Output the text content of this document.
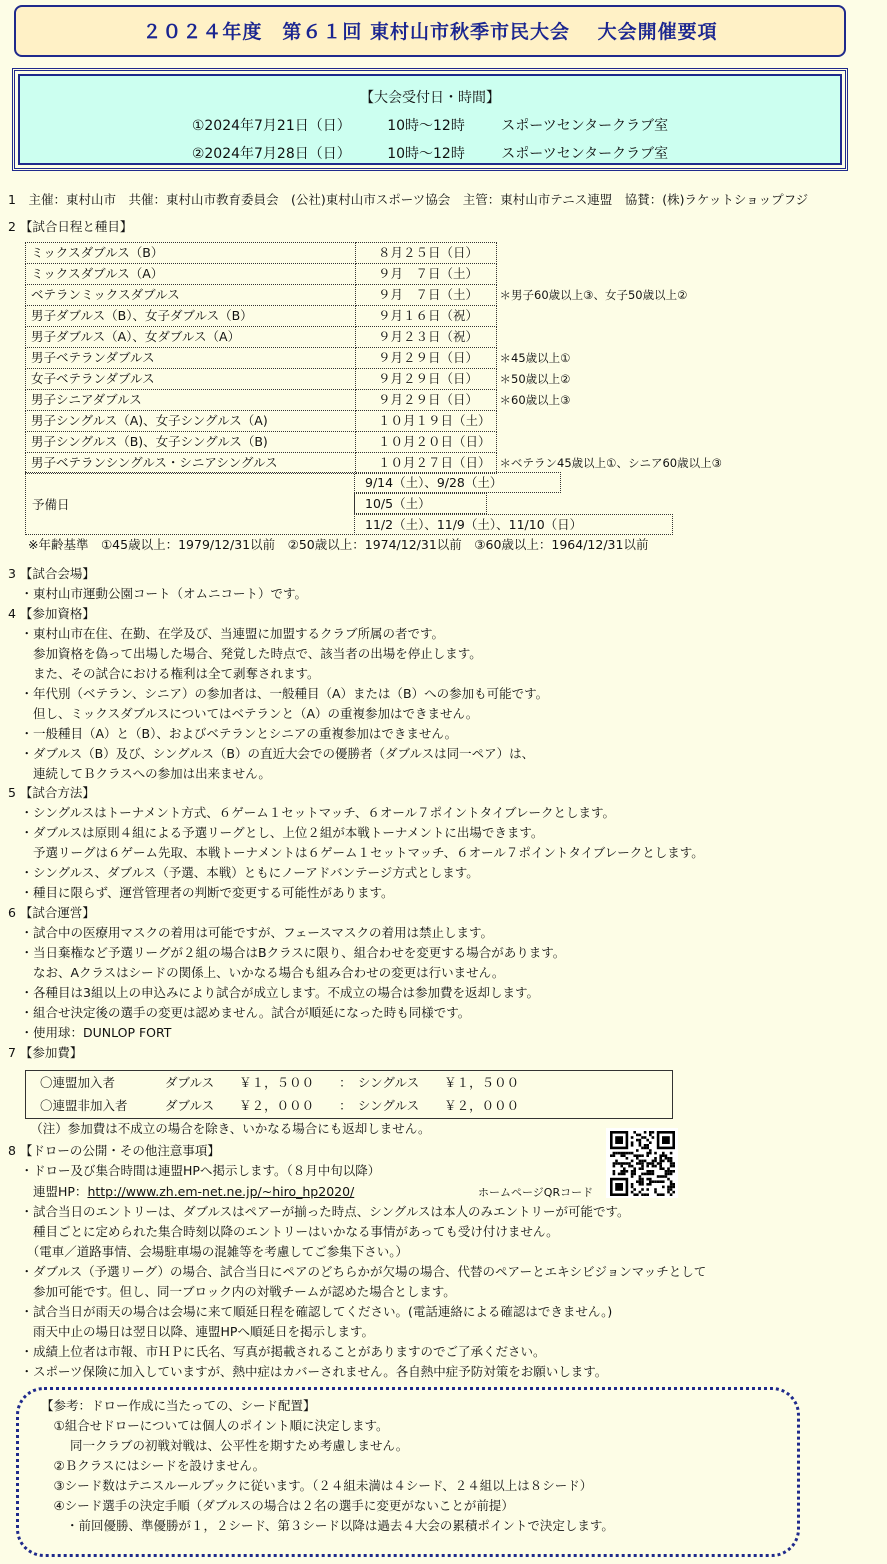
２０２４年度　第６１回 東村山市秋季市民大会　 大会開催要項
【大会受付日・時間】
①2024年7月21日（日）	10時～12時	スポーツセンタークラブ室
②2024年7月28日（日）	10時～12時	スポーツセンタークラブ室
1　主催：東村山市　共催：東村山市教育委員会　(公社)東村山市スポーツ協会　主管：東村山市テニス連盟　協賛：(株)ラケットショップフジ
2 【試合日程と種目】
ミックスダブルス（B）	８月２５日（日）	
ミックスダブルス（A）	９月　７日（土）	
ベテランミックスダブルス	９月　７日（土）	＊男子60歳以上③、女子50歳以上②
男子ダブルス（B）、女子ダブルス（B）	９月１６日（祝）	
男子ダブルス（A）、女ダブルス（A）	９月２３日（祝）	
男子ベテランダブルス	９月２９日（日）	＊45歳以上①
女子ベテランダブルス	９月２９日（日）	＊50歳以上②
男子シニアダブルス	９月２９日（日）	＊60歳以上③
男子シングルス（A)、女子シングルス（A)	１０月１９日（土）	
男子シングルス（B)、女子シングルス（B)	１０月２０日（日）	
男子ベテランシングルス・シニアシングルス	１０月２７日（日）	＊ベテラン45歳以上①、シニア60歳以上③
予備日
9/14（土）、9/28（土）
10/5（土）
11/2（土）、11/9（土）、11/10（日）
※年齢基準　①45歳以上：1979/12/31以前　②50歳以上：1974/12/31以前　③60歳以上：1964/12/31以前
3 【試合会場】
　・東村山市運動公園コート（オムニコート）です。
4 【参加資格】
　・東村山市在住、在勤、在学及び、当連盟に加盟するクラブ所属の者です。
　　参加資格を偽って出場した場合、発覚した時点で、該当者の出場を停止します。
　　また、その試合における権利は全て剥奪されます。
　・年代別（ベテラン、シニア）の参加者は、一般種目（A）または（B）への参加も可能です。
　　但し、ミックスダブルスについてはベテランと（A）の重複参加はできません。
　・一般種目（A）と（B）、およびベテランとシニアの重複参加はできません。
　・ダブルス（B）及び、シングルス（B）の直近大会での優勝者（ダブルスは同一ペア）は、
　　連続してＢクラスへの参加は出来ません。
5 【試合方法】
　・シングルスはトーナメント方式、６ゲーム１セットマッチ、６オール７ポイントタイブレークとします。
　・ダブルスは原則４組による予選リーグとし、上位２組が本戦トーナメントに出場できます。
　　予選リーグは６ゲーム先取、本戦トーナメントは６ゲーム１セットマッチ、６オール７ポイントタイブレークとします。
　・シングルス、ダブルス（予選、本戦）ともにノーアドバンテージ方式とします。
　・種目に限らず、運営管理者の判断で変更する可能性があります。
6 【試合運営】
　・試合中の医療用マスクの着用は可能ですが、フェースマスクの着用は禁止します。
　・当日棄権など予選リーグが２組の場合はBクラスに限り、組合わせを変更する場合があります。
　　なお、Aクラスはシードの関係上、いかなる場合も組み合わせの変更は行いません。
　・各種目は3組以上の申込みにより試合が成立します。不成立の場合は参加費を返却します。
　・組合せ決定後の選手の変更は認めません。試合が順延になった時も同様です。
　・使用球：DUNLOP FORT
7 【参加費】
〇連盟加入者　　　　ダブルス　　￥１，５００　　：　シングルス　　￥１，５００
〇連盟非加入者　　　ダブルス　　￥２，０００　　：　シングルス　　￥２，０００
　（注）参加費は不成立の場合を除き、いかなる場合にも返却しません。
8 【ドローの公開・その他注意事項】
　・ドロー及び集合時間は連盟HPへ掲示します。（８月中旬以降）
　　連盟HP：http://www.zh.em-net.ne.jp/~hiro_hp2020/	ホームページQRコード
　・試合当日のエントリーは、ダブルスはペアーが揃った時点、シングルスは本人のみエントリーが可能です。
　　種目ごとに定められた集合時刻以降のエントリーはいかなる事情があっても受け付けません。
　　（電車／道路事情、会場駐車場の混雑等を考慮してご参集下さい。）
　・ダブルス（予選リーグ）の場合、試合当日にペアのどちらかが欠場の場合、代替のペアーとエキシビジョンマッチとして
　　参加可能です。但し、同一ブロック内の対戦チームが認めた場合とします。
　・試合当日が雨天の場合は会場に来て順延日程を確認してください。(電話連絡による確認はできません。)
　　雨天中止の場日は翌日以降、連盟HPへ順延日を掲示します。
　・成績上位者は市報、市ＨＰに氏名、写真が掲載されることがありますのでご了承ください。
　・スポーツ保険に加入していますが、熱中症はカバーされません。各自熱中症予防対策をお願いします。
【参考：ドロー作成に当たっての、シード配置】
　①組合せドローについては個人のポイント順に決定します。
　　 同一クラブの初戦対戦は、公平性を期すため考慮しません。
　②Ｂクラスにはシードを設けません。
　③シード数はテニスルールブックに従います。（２４組未満は４シード、２４組以上は８シード）
　④シード選手の決定手順（ダブルスの場合は２名の選手に変更がないことが前提）
　　・前回優勝、準優勝が１，２シード、第３シード以降は過去４大会の累積ポイントで決定します。
